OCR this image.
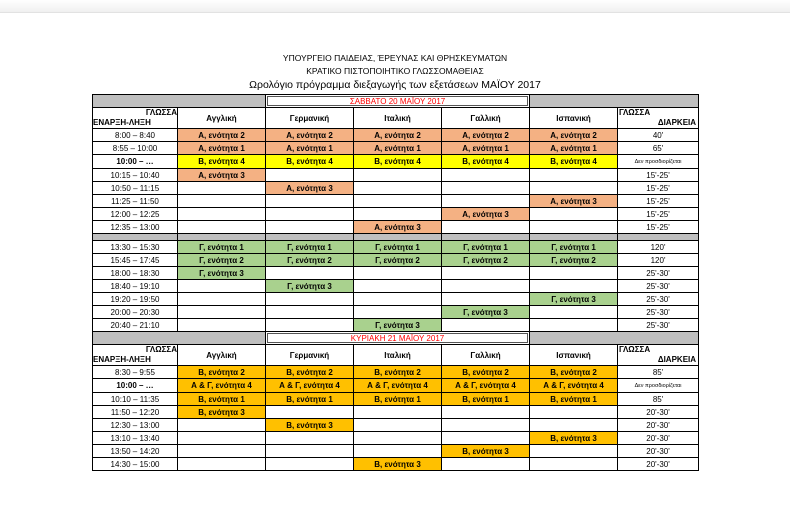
ΥΠΟΥΡΓΕΙΟ ΠΑΙΔΕΙΑΣ, ΈΡΕΥΝΑΣ ΚΑΙ ΘΡΗΣΚΕΥΜΑΤΩΝ
ΚΡΑΤΙΚΟ ΠΙΣΤΟΠΟΙΗΤΙΚΟ ΓΛΩΣΣΟΜΑΘΕΙΑΣ
Ωρολόγιο πρόγραμμα διεξαγωγής των εξετάσεων ΜΑΪΟΥ 2017
		ΣΑΒΒΑΤΟ 20 ΜΑΪΟΥ 2017				

ΓΛΩΣΣΑ
ΕΝΑΡΞΗ-ΛΗΞΗ	Αγγλική	Γερμανική	Ιταλική	Γαλλική	Ισπανική	ΓΛΩΣΣΑ
ΔΙΑΡΚΕΙΑ

8:00 – 8:40	Α, ενότητα 2	Α, ενότητα 2	Α, ενότητα 2	Α, ενότητα 2	Α, ενότητα 2	40'
8:55 – 10:00	Α, ενότητα 1	Α, ενότητα 1	Α, ενότητα 1	Α, ενότητα 1	Α, ενότητα 1	65'
10:00 – …	Β, ενότητα 4	Β, ενότητα 4	Β, ενότητα 4	Β, ενότητα 4	Β, ενότητα 4	Δεν προσδιορίζεται
10:15 – 10:40	Α, ενότητα 3					15'-25'
10:50 – 11:15		Α, ενότητα 3				15'-25'
11:25 – 11:50					Α, ενότητα 3	15'-25'
12:00 – 12:25				Α, ενότητα 3		15'-25'
12:35 – 13:00			Α, ενότητα 3			15'-25'

13:30 – 15:30	Γ, ενότητα 1	Γ, ενότητα 1	Γ, ενότητα 1	Γ, ενότητα 1	Γ, ενότητα 1	120'
15:45 – 17:45	Γ, ενότητα 2	Γ, ενότητα 2	Γ, ενότητα 2	Γ, ενότητα 2	Γ, ενότητα 2	120'
18:00 – 18:30	Γ, ενότητα 3					25'-30'
18:40 – 19:10		Γ, ενότητα 3				25'-30'
19:20 – 19:50					Γ, ενότητα 3	25'-30'
20:00 – 20:30				Γ, ενότητα 3		25'-30'
20:40 – 21:10			Γ, ενότητα 3			25'-30'
		ΚΥΡΙΑΚΗ 21 ΜΑΪΟΥ 2017				

ΓΛΩΣΣΑ
ΕΝΑΡΞΗ-ΛΗΞΗ	Αγγλική	Γερμανική	Ιταλική	Γαλλική	Ισπανική	ΓΛΩΣΣΑ
ΔΙΑΡΚΕΙΑ

8:30 – 9:55	Β, ενότητα 2	Β, ενότητα 2	Β, ενότητα 2	Β, ενότητα 2	Β, ενότητα 2	85'
10:00 – …	Α & Γ, ενότητα 4	Α & Γ, ενότητα 4	Α & Γ, ενότητα 4	Α & Γ, ενότητα 4	Α & Γ, ενότητα 4	Δεν προσδιορίζεται
10:10 – 11:35	Β, ενότητα 1	Β, ενότητα 1	Β, ενότητα 1	Β, ενότητα 1	Β, ενότητα 1	85'
11:50 – 12:20	Β, ενότητα 3					20'-30'
12:30 – 13:00		Β, ενότητα 3				20'-30'
13:10 – 13:40					Β, ενότητα 3	20'-30'
13:50 – 14:20				Β, ενότητα 3		20'-30'
14:30 – 15:00			Β, ενότητα 3			20'-30'
